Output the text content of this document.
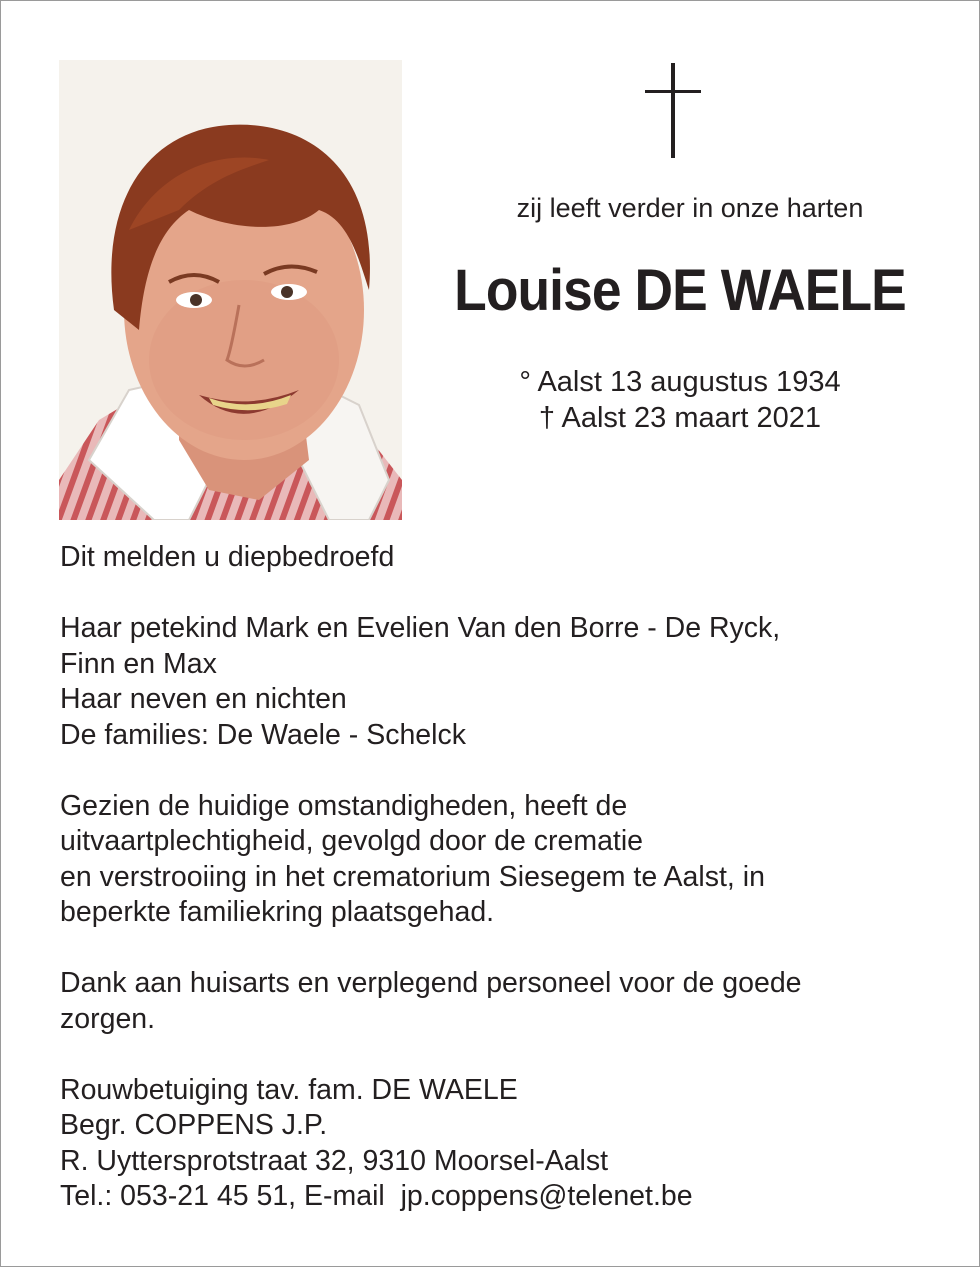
zij leeft verder in onze harten
Louise DE WAELE
° Aalst 13 augustus 1934
† Aalst 23 maart 2021

Dit melden u diepbedroefd

Haar petekind Mark en Evelien Van den Borre - De Ryck,

Finn en Max

Haar neven en nichten

De families: De Waele - Schelck

Gezien de huidige omstandigheden, heeft de

uitvaartplechtigheid, gevolgd door de crematie

en verstrooiing in het crematorium Siesegem te Aalst, in

beperkte familiekring plaatsgehad.

Dank aan huisarts en verplegend personeel voor de goede

zorgen.

Rouwbetuiging tav. fam. DE WAELE

Begr. COPPENS J.P.

R. Uyttersprotstraat 32, 9310 Moorsel-Aalst

Tel.: 053-21 45 51, E-mail  jp.coppens@telenet.be
